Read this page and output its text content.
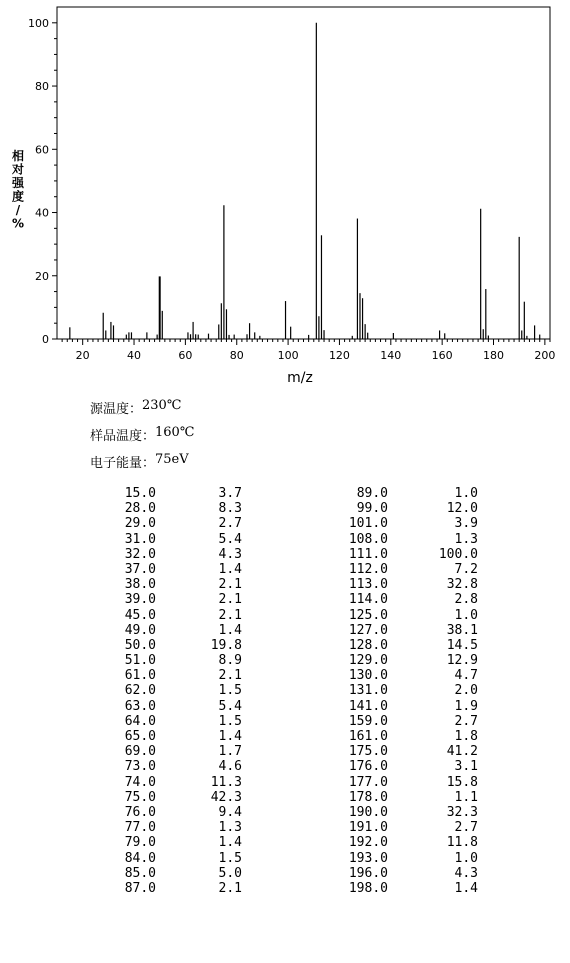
0
20
40
60
80
100
20	40	60	80	100	120	140	160	180	200
相对强度/ %
m/z
源温度： 230℃
样品温度： 160℃
电子能量： 75eV
15.0	3.7	89.0	1.0
28.0	8.3	99.0	12.0
29.0	2.7	101.0	3.9
31.0	5.4	108.0	1.3
32.0	4.3	111.0	100.0
37.0	1.4	112.0	7.2
38.0	2.1	113.0	32.8
39.0	2.1	114.0	2.8
45.0	2.1	125.0	1.0
49.0	1.4	127.0	38.1
50.0	19.8	128.0	14.5
51.0	8.9	129.0	12.9
61.0	2.1	130.0	4.7
62.0	1.5	131.0	2.0
63.0	5.4	141.0	1.9
64.0	1.5	159.0	2.7
65.0	1.4	161.0	1.8
69.0	1.7	175.0	41.2
73.0	4.6	176.0	3.1
74.0	11.3	177.0	15.8
75.0	42.3	178.0	1.1
76.0	9.4	190.0	32.3
77.0	1.3	191.0	2.7
79.0	1.4	192.0	11.8
84.0	1.5	193.0	1.0
85.0	5.0	196.0	4.3
87.0	2.1	198.0	1.4
